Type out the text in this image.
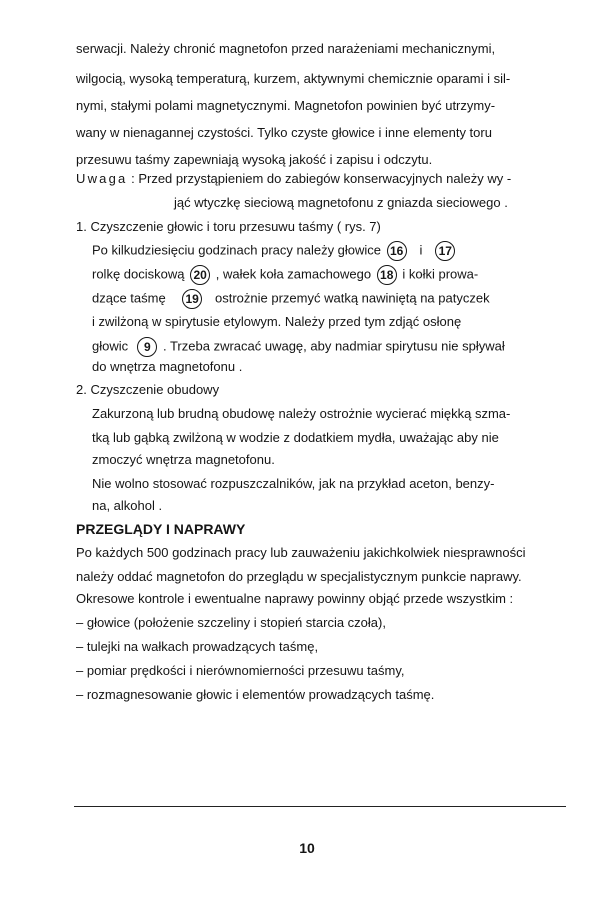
serwacji. Należy chronić magnetofon przed narażeniami mechanicznymi,
wilgocią, wysoką temperaturą, kurzem, aktywnymi chemicznie oparami i sil-
nymi, stałymi polami magnetycznymi. Magnetofon powinien być utrzymy-
wany w nienagannej czystości. Tylko czyste głowice i inne elementy toru
przesuwu taśmy zapewniają wysoką jakość i zapisu i odczytu.
Uwaga : Przed przystąpieniem do zabiegów konserwacyjnych należy wy -
jąć wtyczkę sieciową magnetofonu z gniazda sieciowego .
1. Czyszczenie głowic i toru przesuwu taśmy ( rys. 7)
Po kilkudziesięciu godzinach pracy należy głowice 16 i 17
rolkę dociskową 20 , wałek koła zamachowego 18 i kołki prowa-
dzące taśmę 19 ostrożnie przemyć watką nawiniętą na patyczek
i zwilżoną w spirytusie etylowym. Należy przed tym zdjąć osłonę
głowic 9 . Trzeba zwracać uwagę, aby nadmiar spirytusu nie spływał
do wnętrza magnetofonu .
2. Czyszczenie obudowy
Zakurzoną lub brudną obudowę należy ostrożnie wycierać miękką szma-
tką lub gąbką zwilżoną w wodzie z dodatkiem mydła, uważając aby nie
zmoczyć wnętrza magnetofonu.
Nie wolno stosować rozpuszczalników, jak na przykład aceton, benzy-
na, alkohol .
PRZEGLĄDY I NAPRAWY
Po każdych 500 godzinach pracy lub zauważeniu jakichkolwiek niesprawności
należy oddać magnetofon do przeglądu w specjalistycznym punkcie naprawy.
Okresowe kontrole i ewentualne naprawy powinny objąć przede wszystkim :
– głowice (położenie szczeliny i stopień starcia czoła),
– tulejki na wałkach prowadzących taśmę,
– pomiar prędkości i nierównomierności przesuwu taśmy,
– rozmagnesowanie głowic i elementów prowadzących taśmę.
10
